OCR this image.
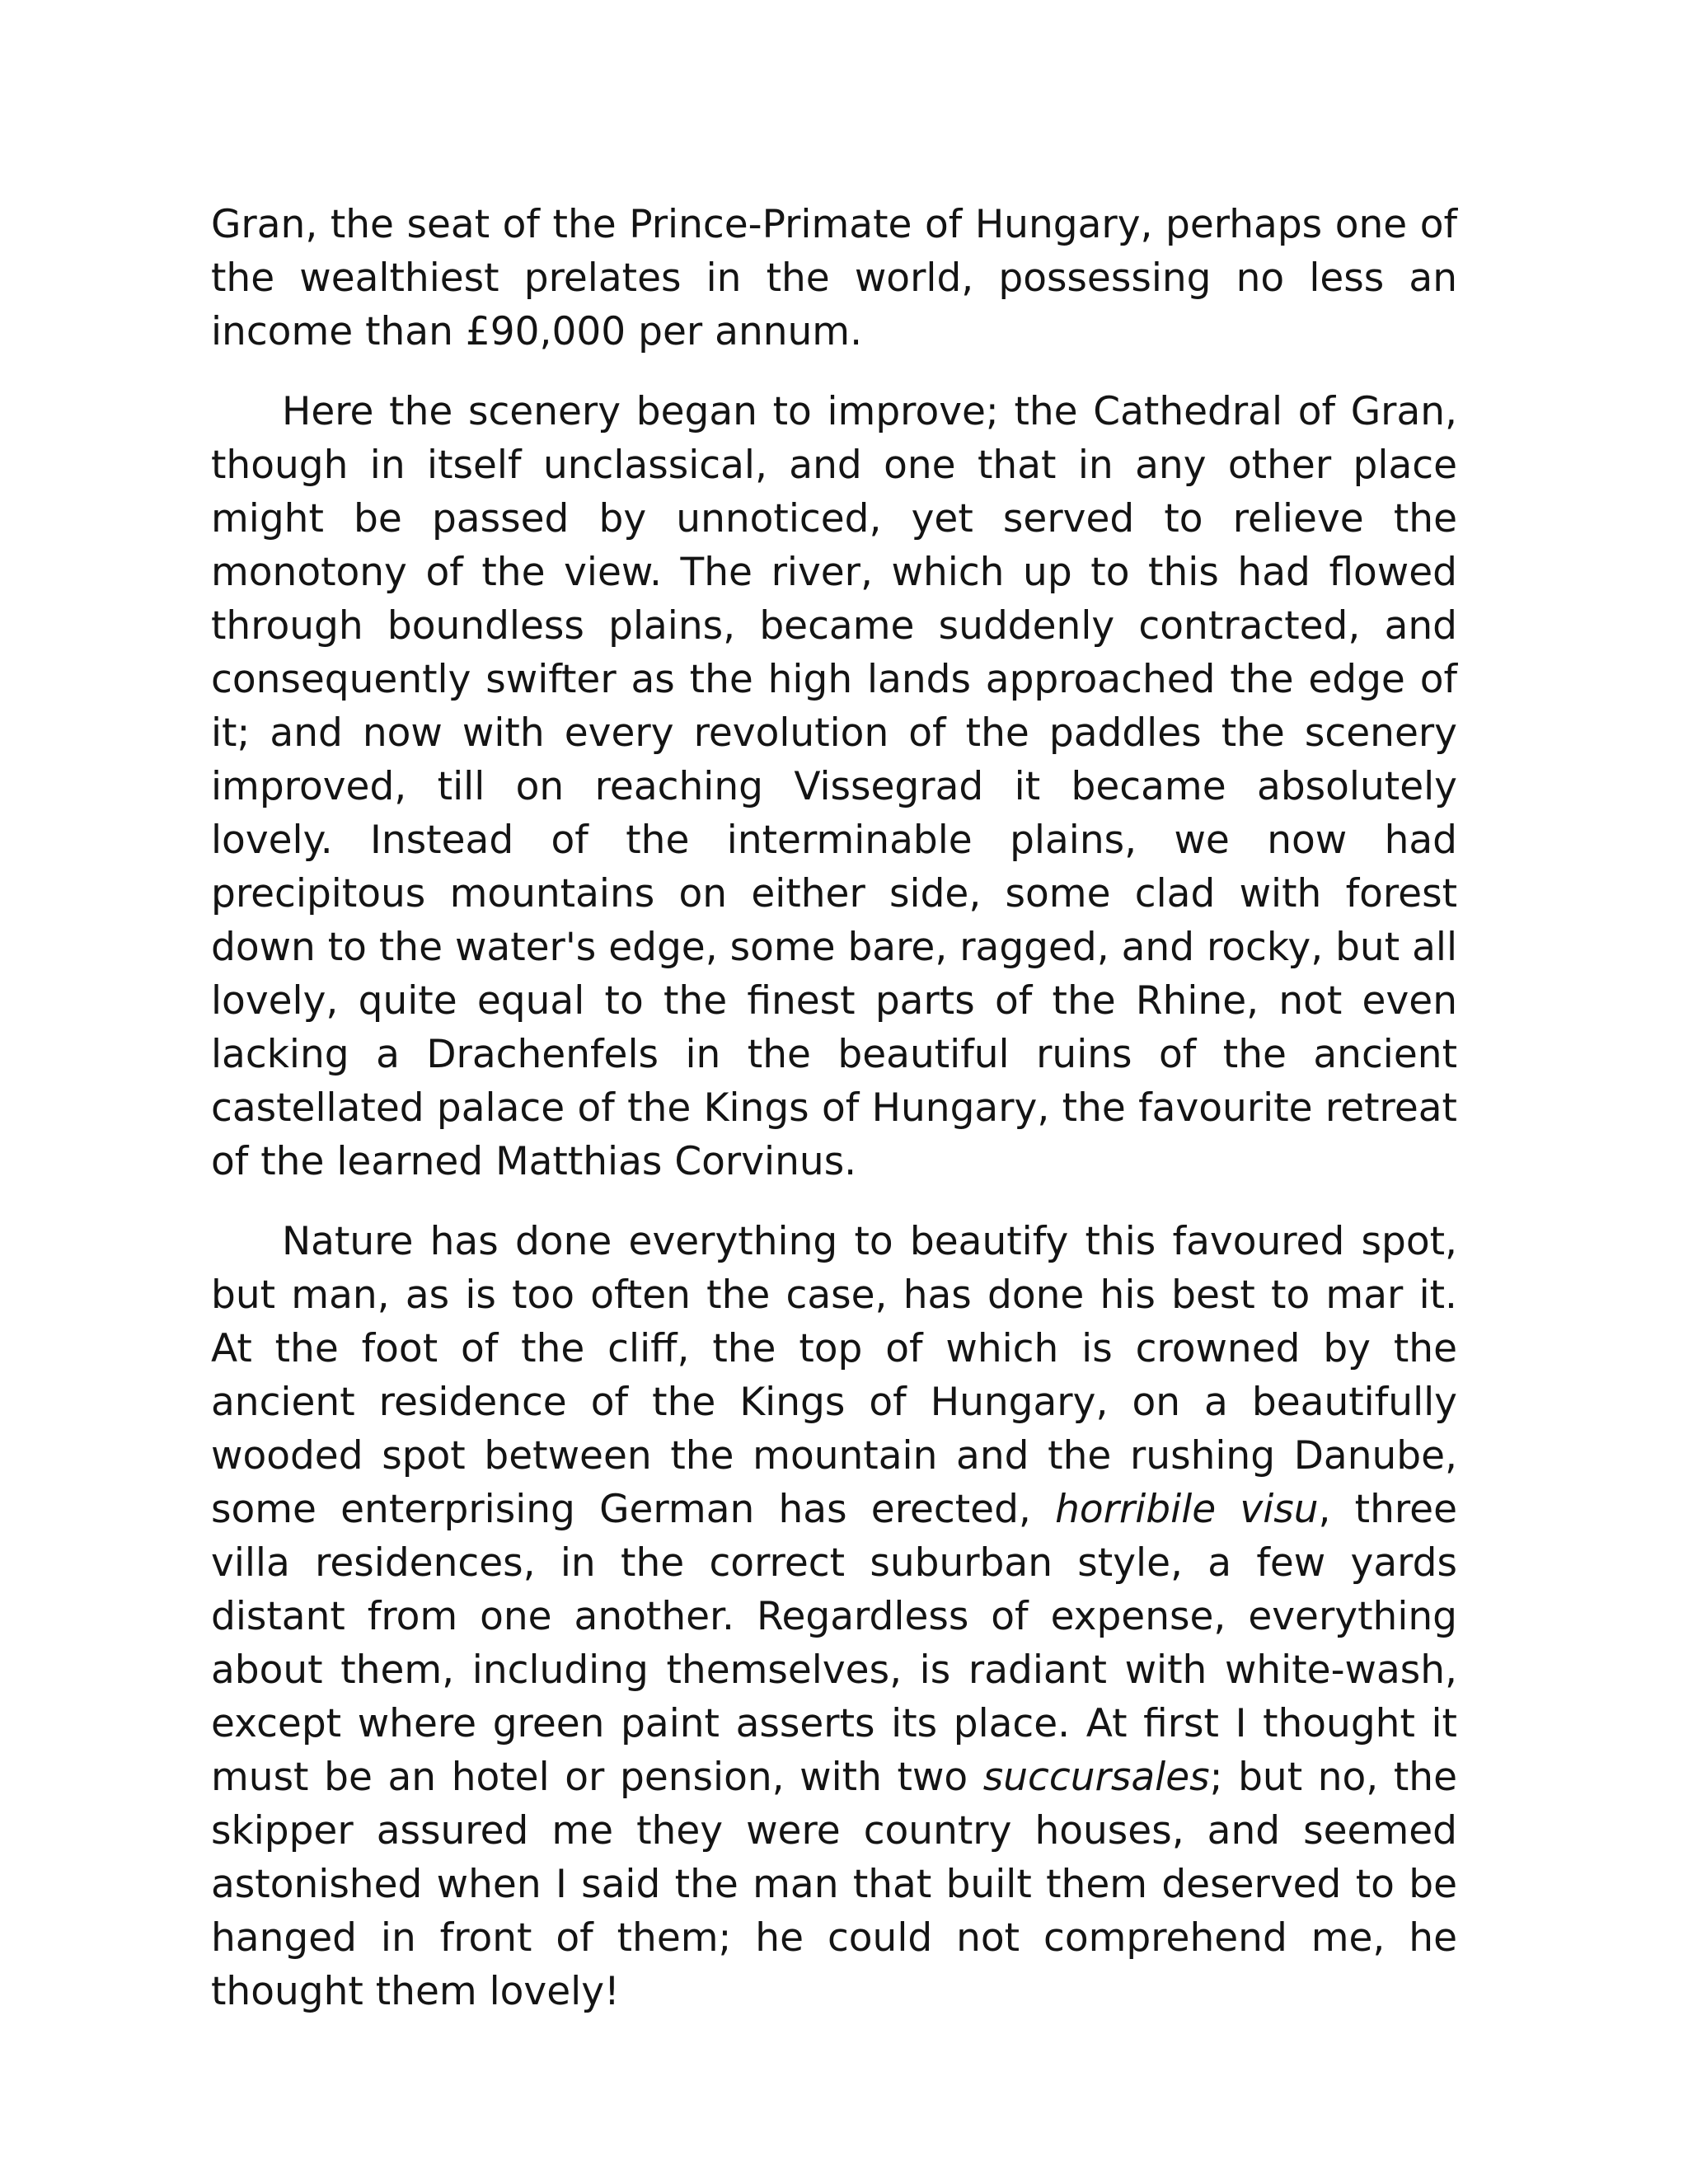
Gran, the seat of the Prince-Primate of Hungary, perhaps one of the wealthiest prelates in the world, possessing no less an income than £90,000 per annum.

Here the scenery began to improve; the Cathedral of Gran, though in itself unclassical, and one that in any other place might be passed by unnoticed, yet served to relieve the monotony of the view. The river, which up to this had flowed through boundless plains, became suddenly contracted, and consequently swifter as the high lands approached the edge of it; and now with every revolution of the paddles the scenery improved, till on reaching Vissegrad it became absolutely lovely. Instead of the interminable plains, we now had precipitous mountains on either side, some clad with forest down to the water's edge, some bare, ragged, and rocky, but all lovely, quite equal to the finest parts of the Rhine, not even lacking a Drachenfels in the beautiful ruins of the ancient castellated palace of the Kings of Hungary, the favourite retreat of the learned Matthias Corvinus.

Nature has done everything to beautify this favoured spot, but man, as is too often the case, has done his best to mar it. At the foot of the cliff, the top of which is crowned by the ancient residence of the Kings of Hungary, on a beautifully wooded spot between the mountain and the rushing Danube, some enterprising German has erected, horribile visu, three villa residences, in the correct suburban style, a few yards distant from one another. Regardless of expense, everything about them, including themselves, is radiant with white-wash, except where green paint asserts its place. At first I thought it must be an hotel or pension, with two succursales; but no, the skipper assured me they were country houses, and seemed astonished when I said the man that built them deserved to be hanged in front of them; he could not comprehend me, he thought them lovely!
